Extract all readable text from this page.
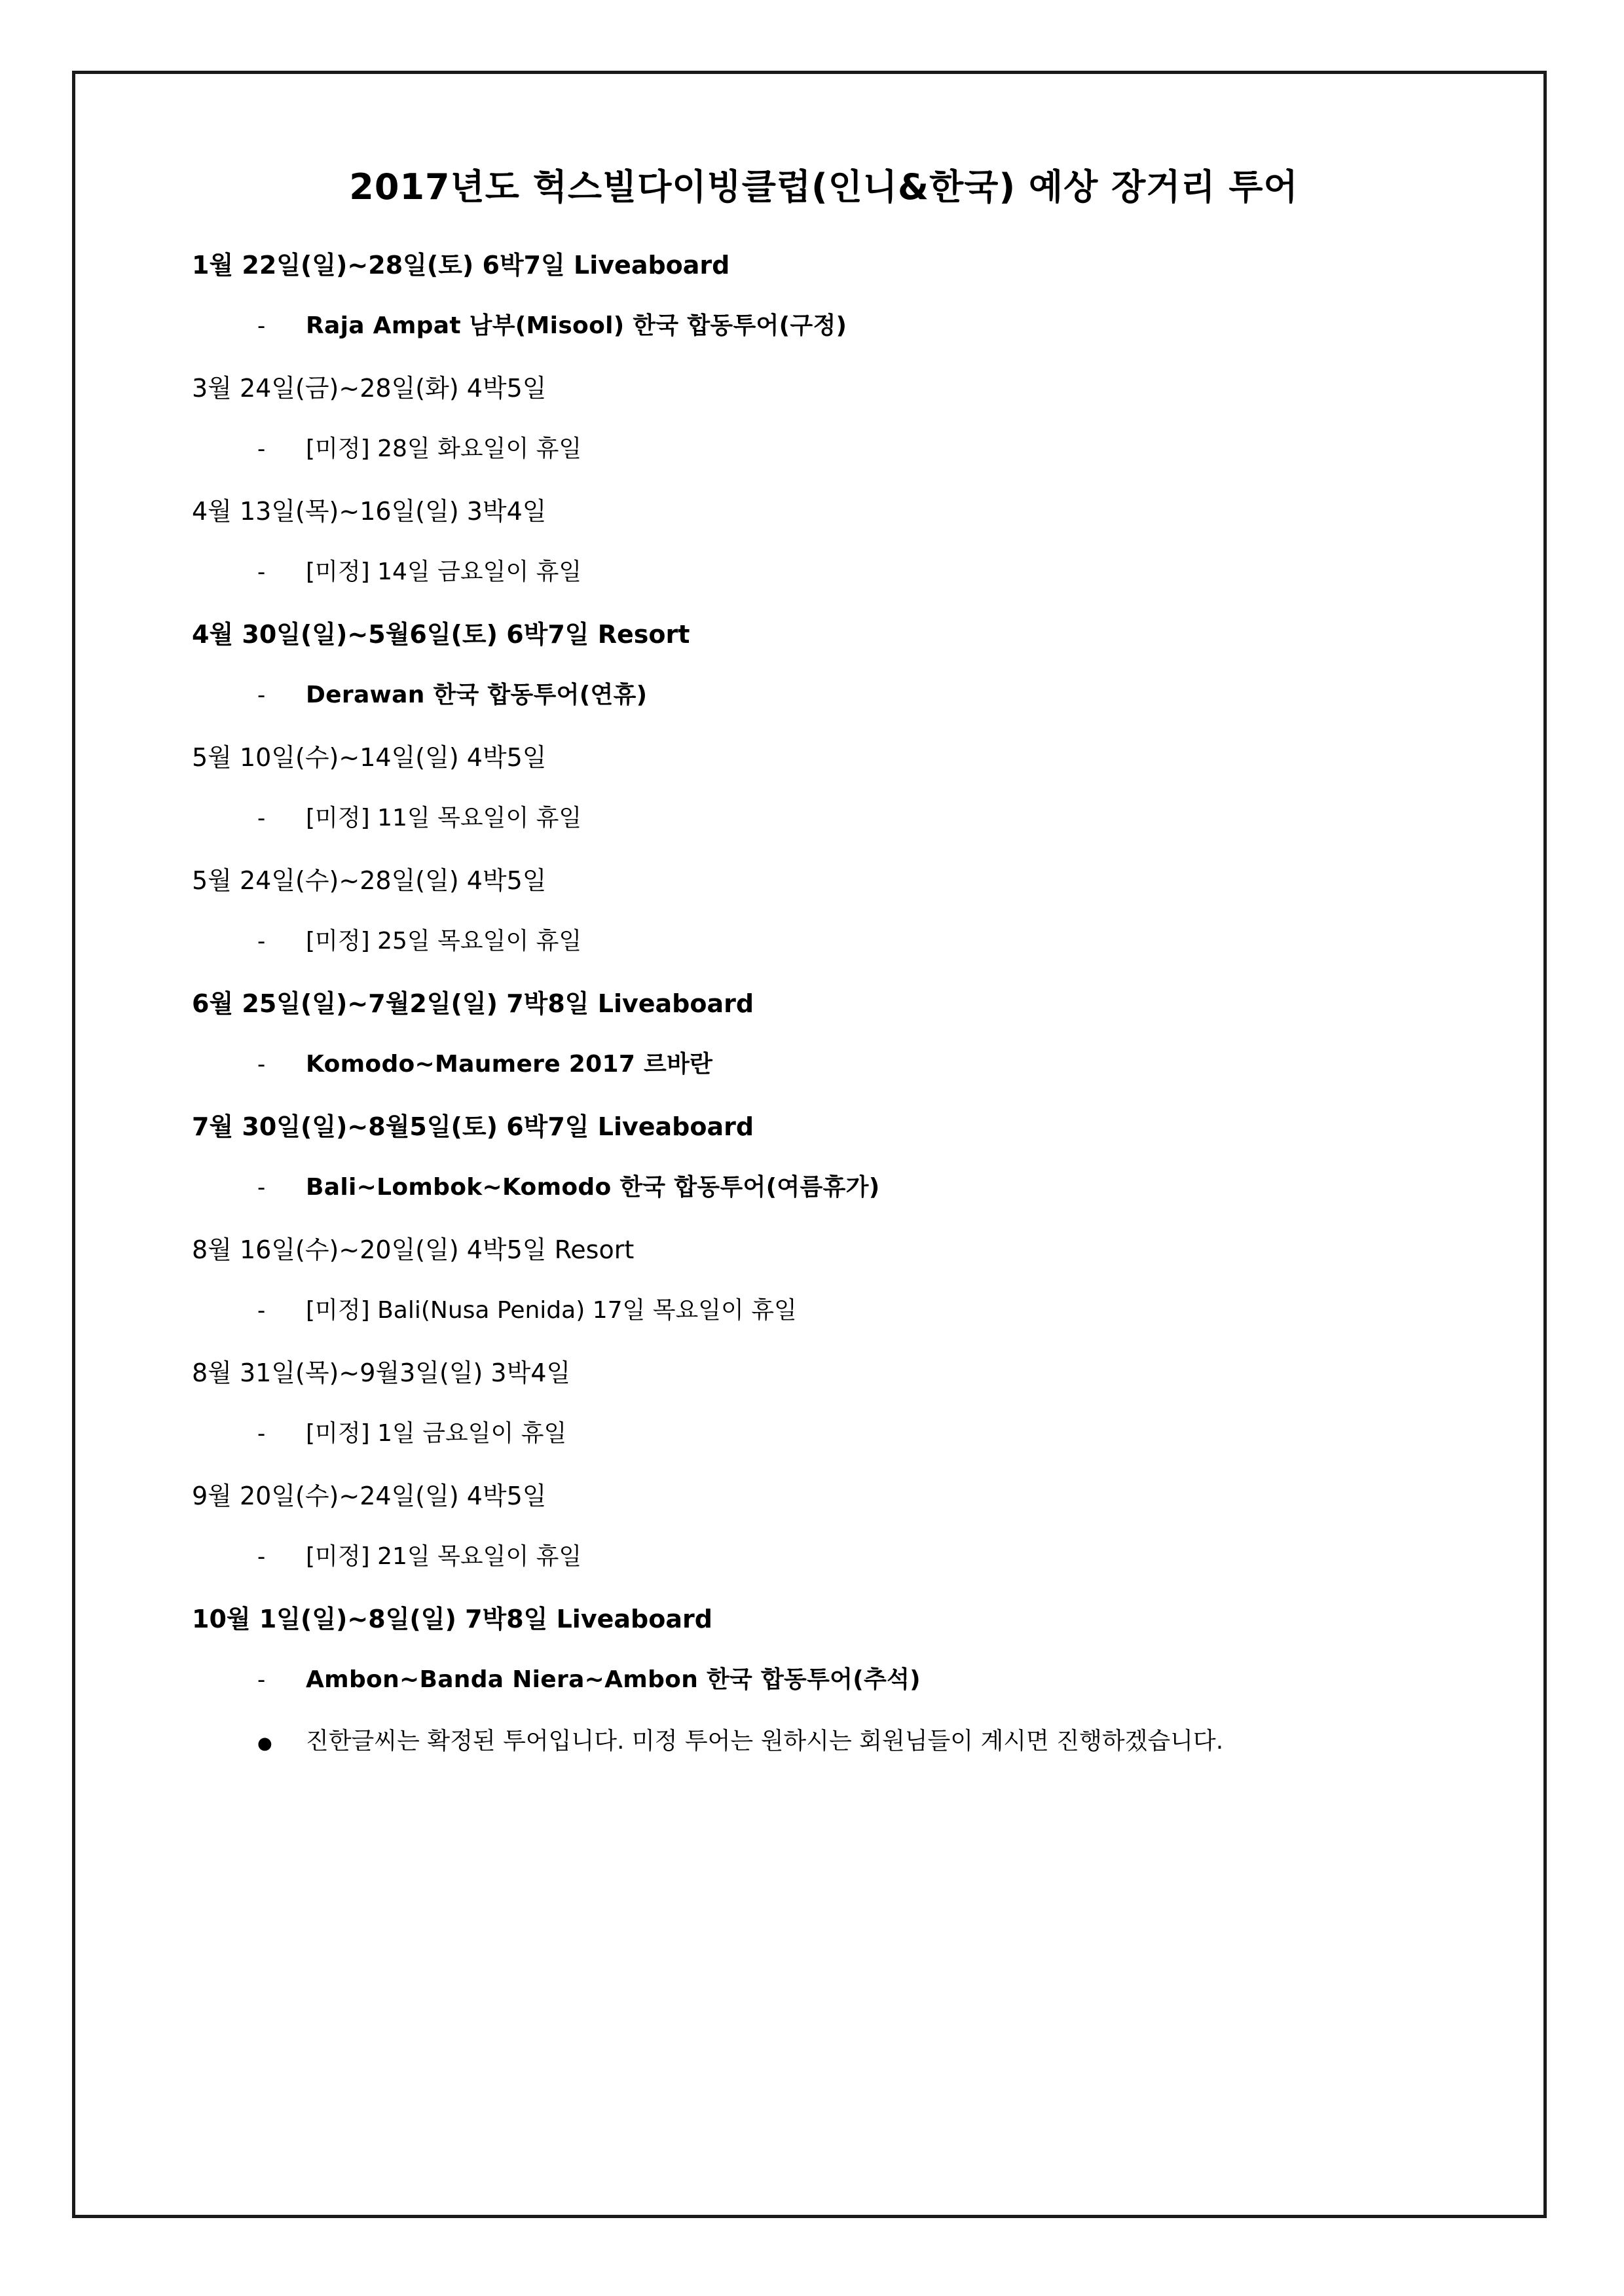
2017년도 헉스빌다이빙클럽(인니&한국) 예상 장거리 투어
1월 22일(일)~28일(토) 6박7일 Liveaboard
-	Raja Ampat 남부(Misool) 한국 합동투어(구정)
3월 24일(금)~28일(화) 4박5일
-	[미정] 28일 화요일이 휴일
4월 13일(목)~16일(일) 3박4일
-	[미정] 14일 금요일이 휴일
4월 30일(일)~5월6일(토) 6박7일 Resort
-	Derawan 한국 합동투어(연휴)
5월 10일(수)~14일(일) 4박5일
-	[미정] 11일 목요일이 휴일
5월 24일(수)~28일(일) 4박5일
-	[미정] 25일 목요일이 휴일
6월 25일(일)~7월2일(일) 7박8일 Liveaboard
-	Komodo~Maumere 2017 르바란
7월 30일(일)~8월5일(토) 6박7일 Liveaboard
-	Bali~Lombok~Komodo 한국 합동투어(여름휴가)
8월 16일(수)~20일(일) 4박5일 Resort
-	[미정] Bali(Nusa Penida) 17일 목요일이 휴일
8월 31일(목)~9월3일(일) 3박4일
-	[미정] 1일 금요일이 휴일
9월 20일(수)~24일(일) 4박5일
-	[미정] 21일 목요일이 휴일
10월 1일(일)~8일(일) 7박8일 Liveaboard
-	Ambon~Banda Niera~Ambon 한국 합동투어(추석)
●	진한글씨는 확정된 투어입니다. 미정 투어는 원하시는 회원님들이 계시면 진행하겠습니다.
